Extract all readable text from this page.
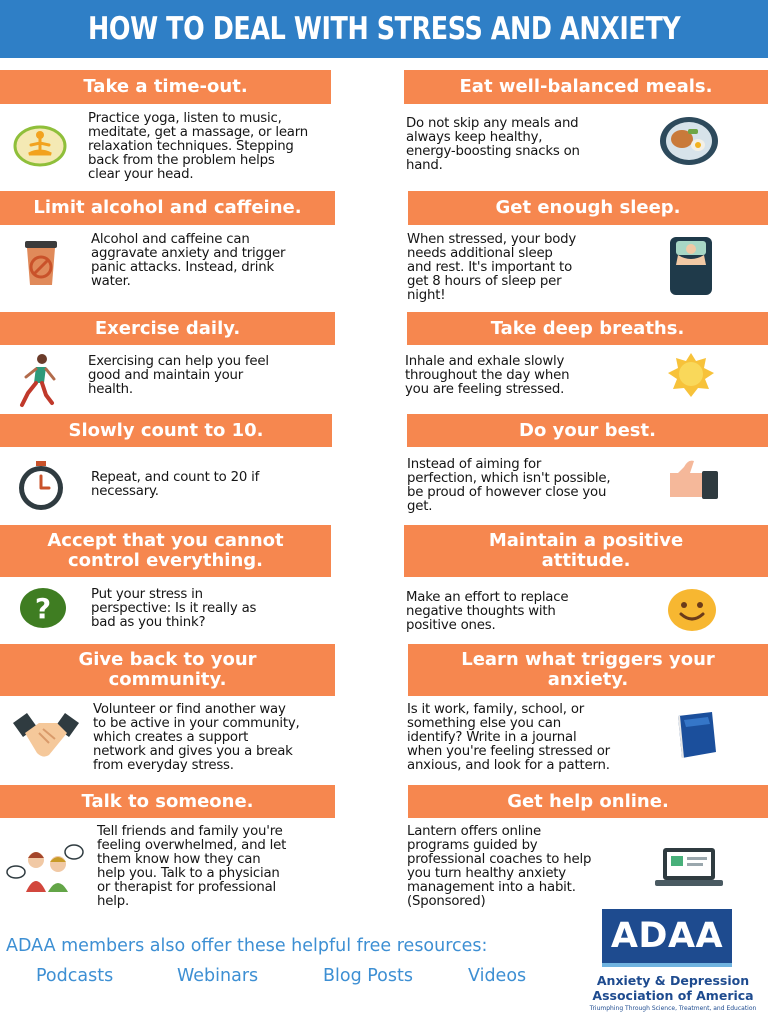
HOW TO DEAL WITH STRESS AND ANXIETY
Take a time-out.	Eat well-balanced meals.
Practice yoga, listen to music,
meditate, get a massage, or learn
relaxation techniques. Stepping
back from the problem helps
clear your head.
Do not skip any meals and
always keep healthy,
energy-boosting snacks on
hand.
Limit alcohol and caffeine.	Get enough sleep.
Alcohol and caffeine can
aggravate anxiety and trigger
panic attacks. Instead, drink
water.
When stressed, your body
needs additional sleep
and rest. It's important to
get 8 hours of sleep per
night!
Exercise daily.	Take deep breaths.
Exercising can help you feel
good and maintain your
health.
Inhale and exhale slowly
throughout the day when
you are feeling stressed.
Slowly count to 10.	Do your best.
Repeat, and count to 20 if
necessary.
Instead of aiming for
perfection, which isn't possible,
be proud of however close you
get.
Accept that you cannot
control everything.
Maintain a positive
attitude.
?	Put your stress in
perspective: Is it really as
bad as you think?
Make an effort to replace
negative thoughts with
positive ones.
Give back to your
community.
Learn what triggers your
anxiety.
Volunteer or find another way
to be active in your community,
which creates a support
network and gives you a break
from everyday stress.
Is it work, family, school, or
something else you can
identify? Write in a journal
when you're feeling stressed or
anxious, and look for a pattern.
Talk to someone.	Get help online.
Tell friends and family you're
feeling overwhelmed, and let
them know how they can
help you. Talk to a physician
or therapist for professional
help.
Lantern offers online
programs guided by
professional coaches to help
you turn healthy anxiety
management into a habit.
(Sponsored)
ADAA members also offer these helpful free resources:
Podcasts	Webinars	Blog Posts	Videos
ADAA
Anxiety & Depression
Association of America
Triumphing Through Science, Treatment, and Education
